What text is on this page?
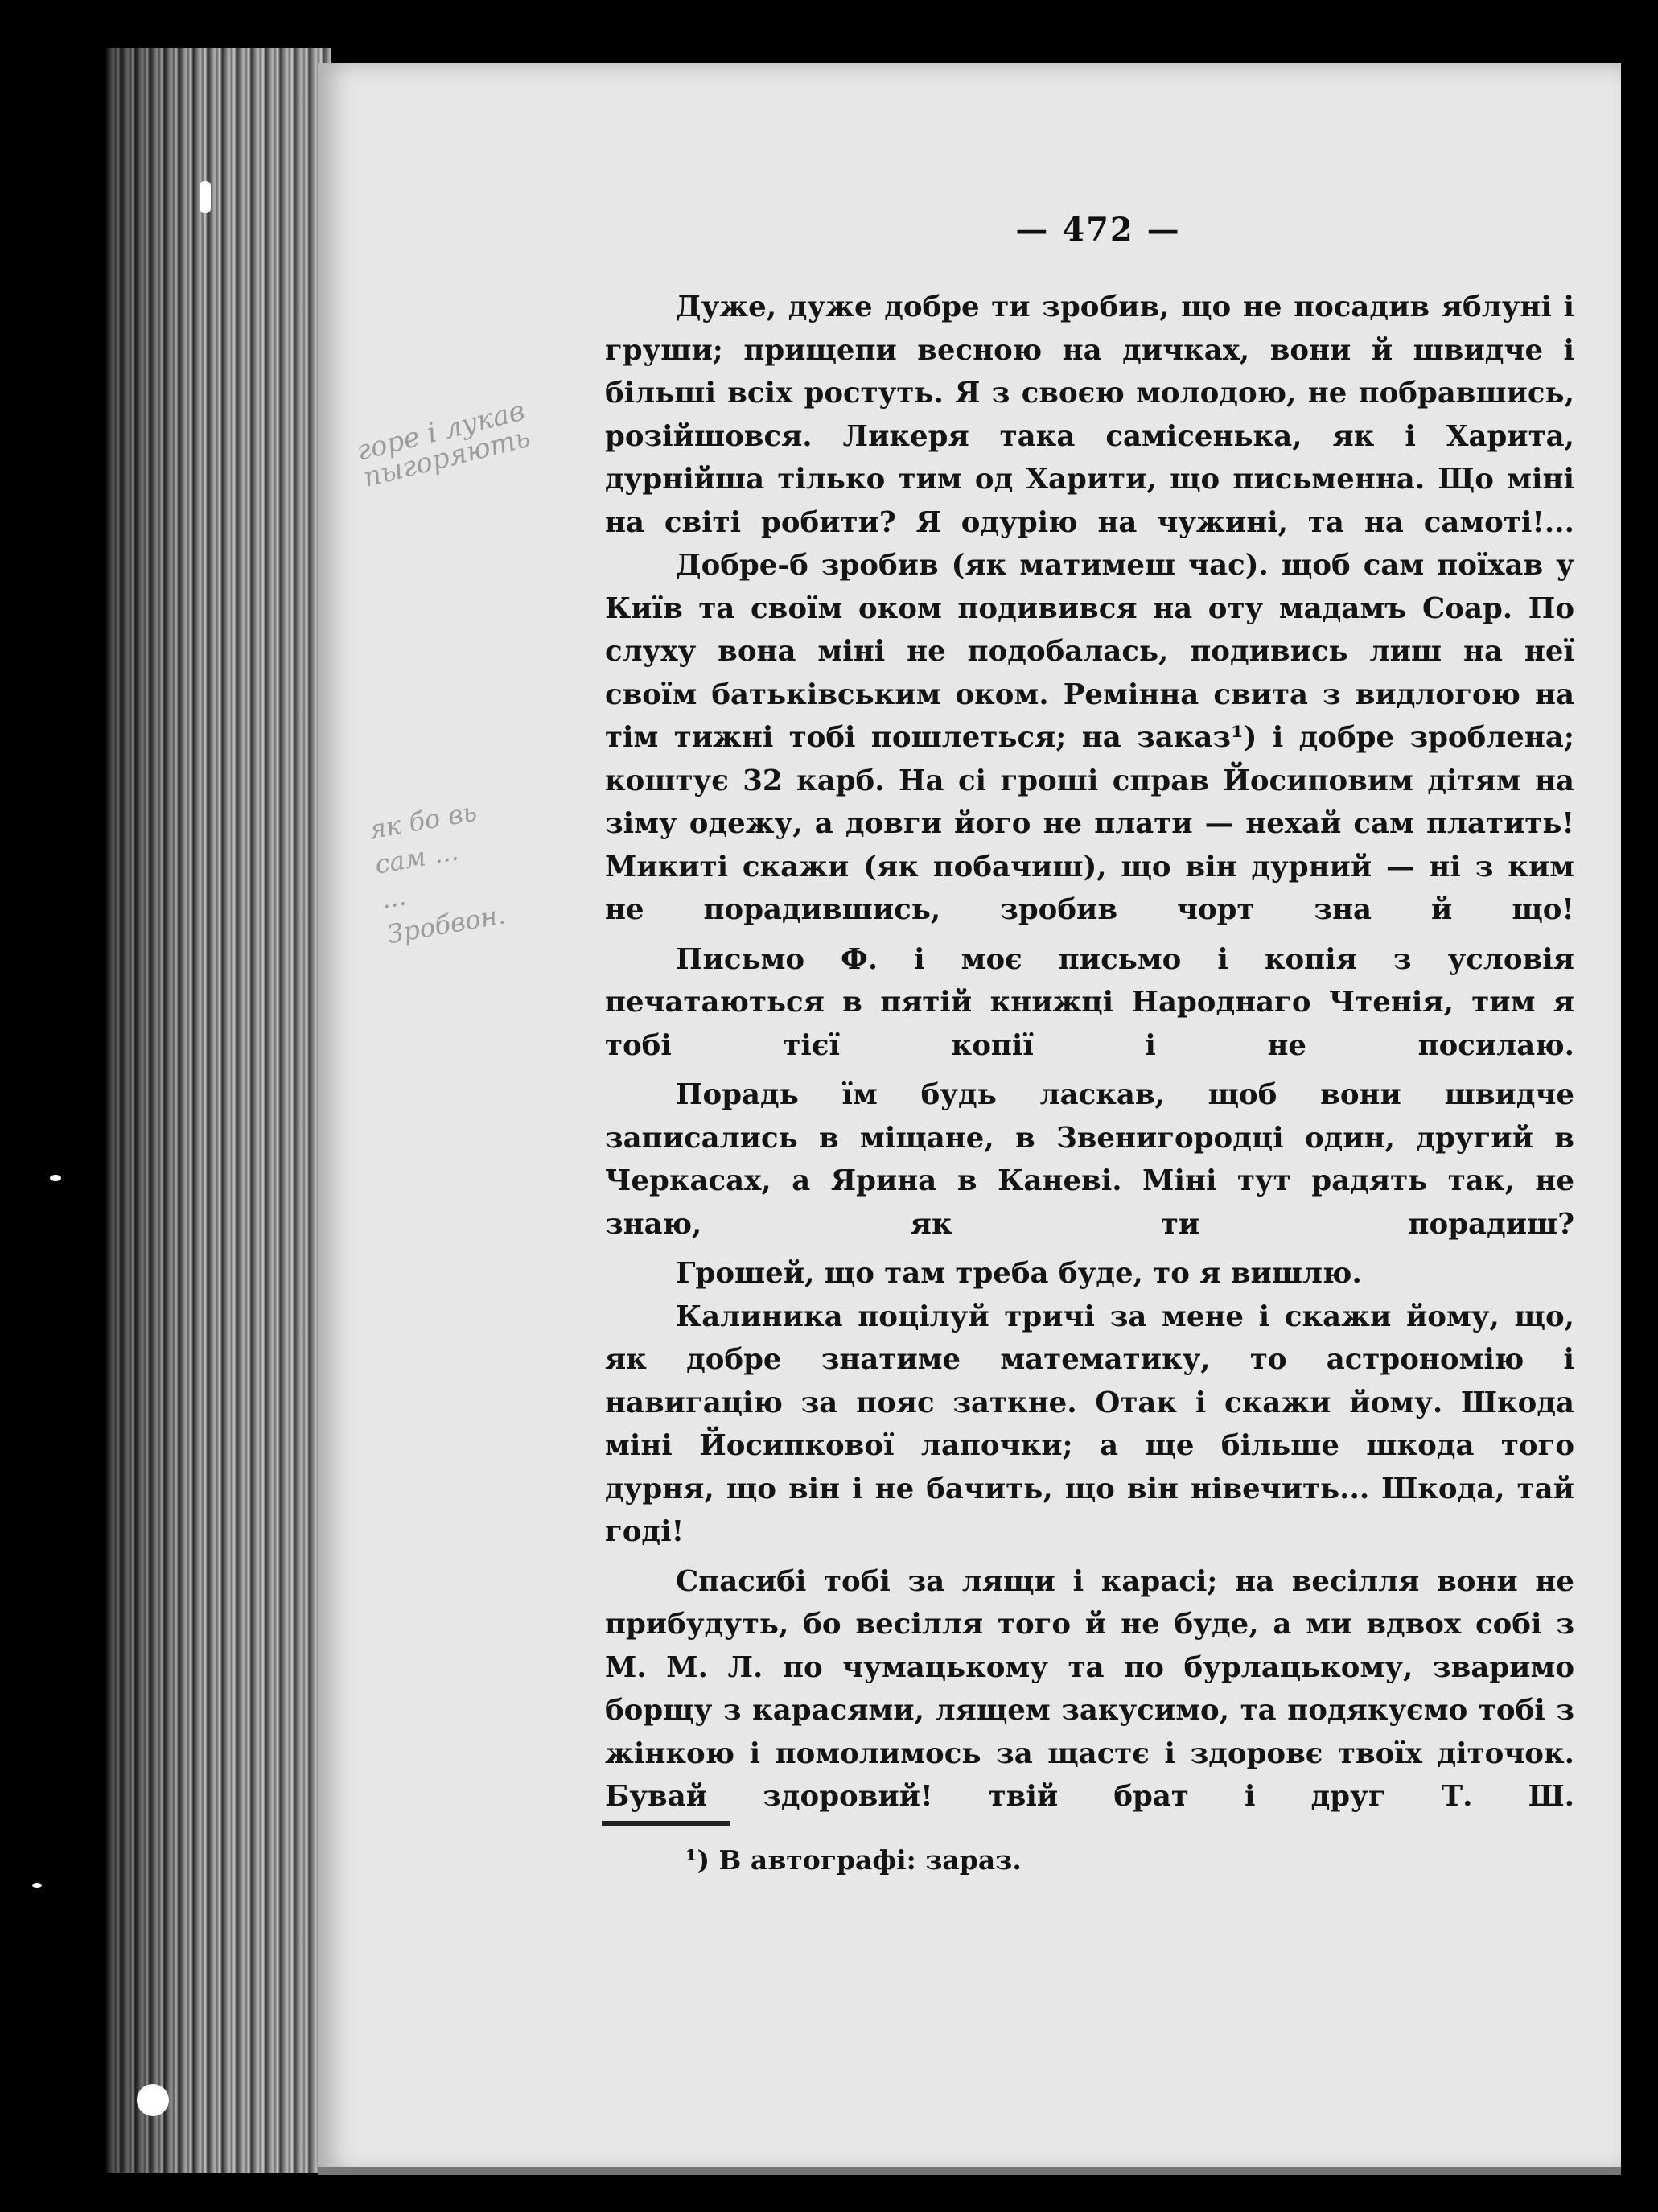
горе і лукав
пыгоряють
як бо вь
сам ...
...
Зробвон.
— 472 —

Дуже, дуже добре ти зробив, що не посадив яблуні і груши; прищепи весною на дичках, вони й швидче і більші всіх ростуть. Я з своєю молодою, не побравшись, розійшовся. Ликеря така самісенька, як і Харита, дурнійша тілько тим од Харити, що письменна. Що міні на світі робити? Я одурію на чужині, та на самоті!...

Добре-б зробив (як матимеш час). щоб сам поїхав у Київ та своїм оком подивився на оту мадамъ Соар. По слуху вона міні не подобалась, подивись лиш на неї своїм батьківським оком. Ремінна свита з видлогою на тім тижні тобі пошлеться; на заказ¹) і добре зроблена; коштує 32 карб. На сі гроші справ Йосиповим дітям на зіму одежу, а довги його не плати — нехай сам платить! Микиті скажи (як побачиш), що він дурний — ні з ким не порадившись, зробив чорт зна й що!

Письмо Ф. і моє письмо і копія з условія печатаються в пятій книжці Народнаго Чтенія, тим я тобі тієї копії і не посилаю.

Порадь їм будь ласкав, щоб вони швидче записались в міщане, в Звенигородці один, другий в Черкасах, а Ярина в Каневі. Міні тут радять так, не знаю, як ти порадиш?

Грошей, що там треба буде, то я вишлю.

Калиника поцілуй тричі за мене і скажи йому, що, як добре знатиме математику, то астрономію і навигацію за пояс заткне. Отак і скажи йому. Шкода міні Йосипкової лапочки; а ще більше шкода того дурня, що він і не бачить, що він нівечить... Шкода, тай годі!

Спасибі тобі за лящи і карасі; на весілля вони не прибудуть, бо весілля того й не буде, а ми вдвох собі з М. М. Л. по чумацькому та по бурлацькому, зваримо борщу з карасями, лящем закусимо, та подякуємо тобі з жінкою і помолимось за щастє і здоровє твоїх діточок. Бувай здоровий! твій брат і друг Т. Ш.

¹) В автографі: зараз.
